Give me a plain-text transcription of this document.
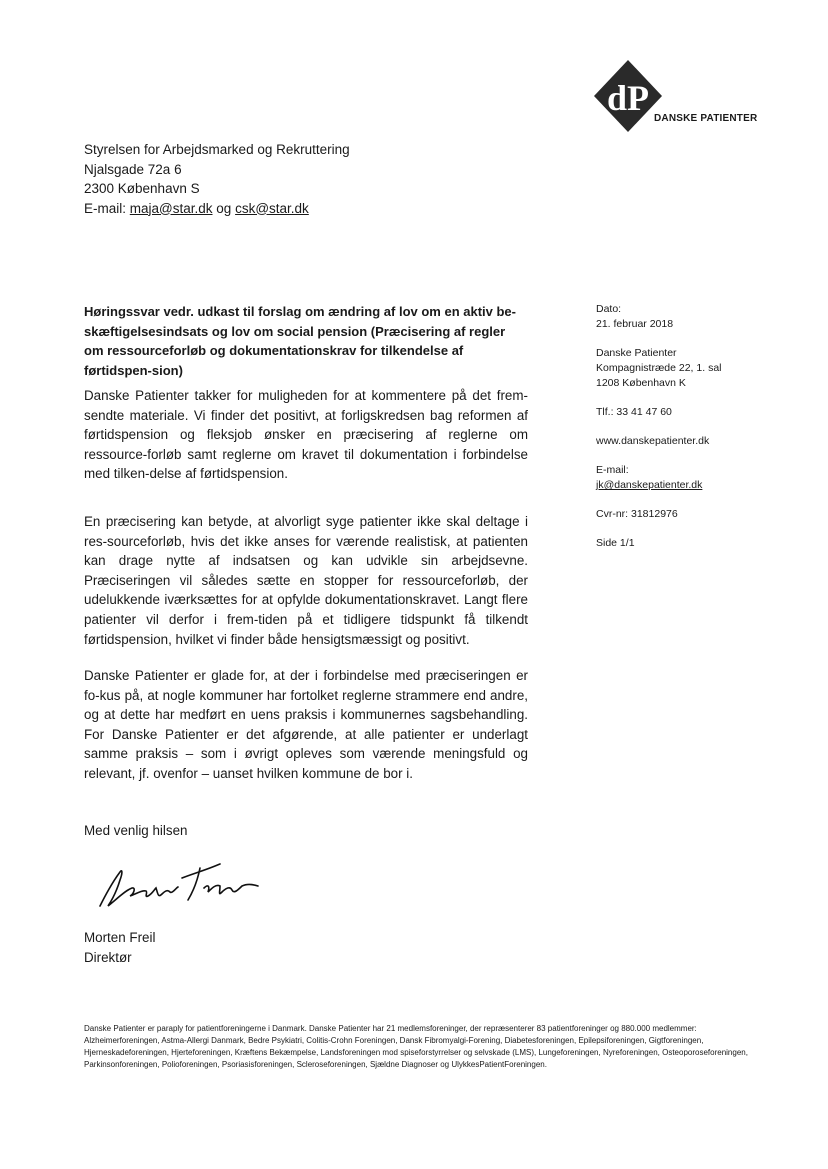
dP
DANSKE PATIENTER
Styrelsen for Arbejdsmarked og Rekruttering
Njalsgade 72a 6
2300 København S
E-mail: maja@star.dk og csk@star.dk
Høringssvar vedr. udkast til forslag om ændring af lov om en aktiv be-skæftigelsesindsats og lov om social pension (Præcisering af regler om ressourceforløb og dokumentationskrav for tilkendelse af førtidspen-sion)
Danske Patienter takker for muligheden for at kommentere på det frem-sendte materiale. Vi finder det positivt, at forligskredsen bag reformen af førtidspension og fleksjob ønsker en præcisering af reglerne om ressource-forløb samt reglerne om kravet til dokumentation i forbindelse med tilken-delse af førtidspension.
En præcisering kan betyde, at alvorligt syge patienter ikke skal deltage i res-sourceforløb, hvis det ikke anses for værende realistisk, at patienten kan drage nytte af indsatsen og kan udvikle sin arbejdsevne. Præciseringen vil således sætte en stopper for ressourceforløb, der udelukkende iværksættes for at opfylde dokumentationskravet. Langt flere patienter vil derfor i frem-tiden på et tidligere tidspunkt få tilkendt førtidspension, hvilket vi finder både hensigtsmæssigt og positivt.
Danske Patienter er glade for, at der i forbindelse med præciseringen er fo-kus på, at nogle kommuner har fortolket reglerne strammere end andre, og at dette har medført en uens praksis i kommunernes sagsbehandling. For Danske Patienter er det afgørende, at alle patienter er underlagt samme praksis – som i øvrigt opleves som værende meningsfuld og relevant, jf. ovenfor – uanset hvilken kommune de bor i.
Med venlig hilsen
Morten Freil
Direktør
Dato:
21. februar 2018
Danske Patienter
Kompagnistræde 22, 1. sal
1208 København K
Tlf.: 33 41 47 60
www.danskepatienter.dk
E-mail:
jk@danskepatienter.dk
Cvr-nr: 31812976
Side 1/1
Danske Patienter er paraply for patientforeningerne i Danmark. Danske Patienter har 21 medlemsforeninger, der repræsenterer 83 patientforeninger og 880.000 medlemmer: Alzheimerforeningen, Astma-Allergi Danmark, Bedre Psykiatri, Colitis-Crohn Foreningen, Dansk Fibromyalgi-Forening, Diabetesforeningen, Epilepsiforeningen, Gigtforeningen, Hjerneskadeforeningen, Hjerteforeningen, Kræftens Bekæmpelse, Landsforeningen mod spiseforstyrrelser og selvskade (LMS), Lungeforeningen, Nyreforeningen, Osteoporoseforeningen, Parkinsonforeningen, Polioforeningen, Psoriasisforeningen, Scleroseforeningen, Sjældne Diagnoser og UlykkesPatientForeningen.
